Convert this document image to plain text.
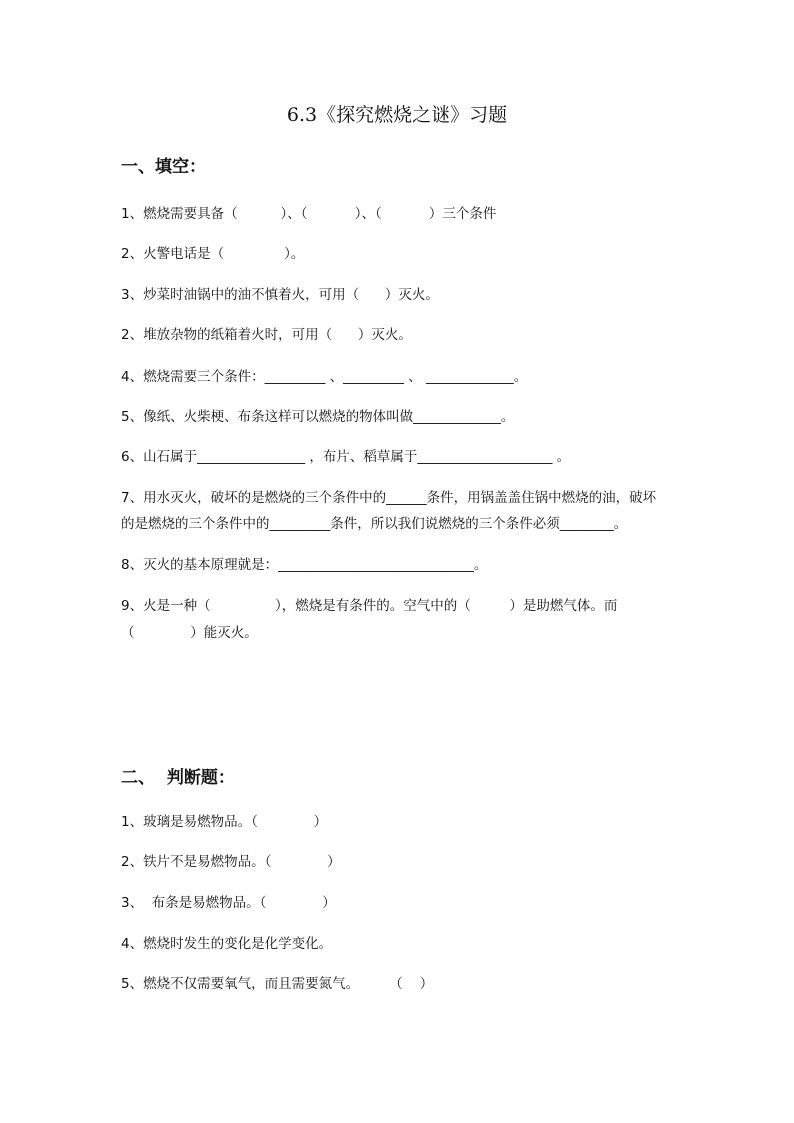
6.3《探究燃烧之谜》习题
一、填空：
1、燃烧需要具备（          ）、（           ）、（           ）三个条件
2、火警电话是（              ）。
3、炒菜时油锅中的油不慎着火，可用（      ）灭火。
2、堆放杂物的纸箱着火时，可用（      ）灭火。
4、燃烧需要三个条件：_________ 、_________ 、 _____________。
5、像纸、火柴梗、布条这样可以燃烧的物体叫做_____________。
6、山石属于________________ ，布片、稻草属于____________________ 。
7、用水灭火，破坏的是燃烧的三个条件中的______条件，用锅盖盖住锅中燃烧的油，破坏
的是燃烧的三个条件中的_________条件，所以我们说燃烧的三个条件必须________。
8、灭火的基本原理就是：_____________________________。
9、火是一种（               ），燃烧是有条件的。空气中的（         ）是助燃气体。而
（             ）能灭火。
二、  判断题：
1、玻璃是易燃物品。（             ）
2、铁片不是易燃物品。（             ）
3、  布条是易燃物品。（             ）
4、燃烧时发生的变化是化学变化。
5、燃烧不仅需要氧气，而且需要氮气。       （    ）
